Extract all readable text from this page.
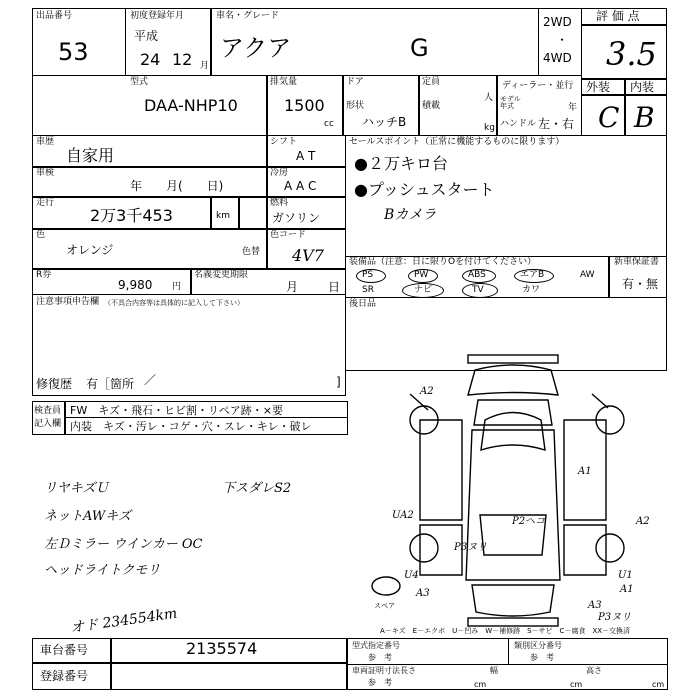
出品番号
53
初度登録年月
平成
24 12 月
車名・グレード
アクア	G
2WD
・
4WD
評 価 点
3.5
外装 内装
C B
型式
DAA-NHP10
排気量
1500
cc
ドア
形状
ハッチB
定員
人
積載
kg
ディーラー・並行
モデル
年式	年
ハンドル 左・右
車歴
自家用
シフト
A T
車検
年　　月(　　日)
冷房
A A C
走行
2万3千453	km
燃料
ガソリン
色
オレンジ	色替
色コード
4V7
R券
9,980 円
名義変更期限
月 日
セールスポイント（正常に機能するものに限ります）
●２万キロ台
●プッシュスタート
Bカメラ
装備品（注意：日に限りOを付けてください）	新車保証書
有・無
PS	PW	ABS	エアB	AW
SR	ナビ	TV	カワ
注意事項申告欄 （不具合内容等は具体的に記入して下さい）
修復歴 有［箇所 ／	]
後日品
検査員
記入欄
FW　キズ・飛石・ヒビ割・リペア跡・×要
内装　キズ・汚レ・コゲ・穴・スレ・キレ・破レ
リヤキズＵ
ネットAWキズ
左Ｄミラー ウインカー OC
ヘッドライトクモリ
オド 234554km
A2
A1
A2
UA2
P2ヘコ
P3ヌリ
U4
A3
U1
A1
A3
P3ヌリ
スペア
下スダレS2
A－キズ　E－エクボ　U－凹み　W－補修跡　S－サビ　C－腐食　XX－交換済
車台番号	2135574
登録番号
型式指定番号
参　考
類別区分番号
参　考
車両証明寸法
参　考
長さ
cm
幅
cm
高さ
cm
